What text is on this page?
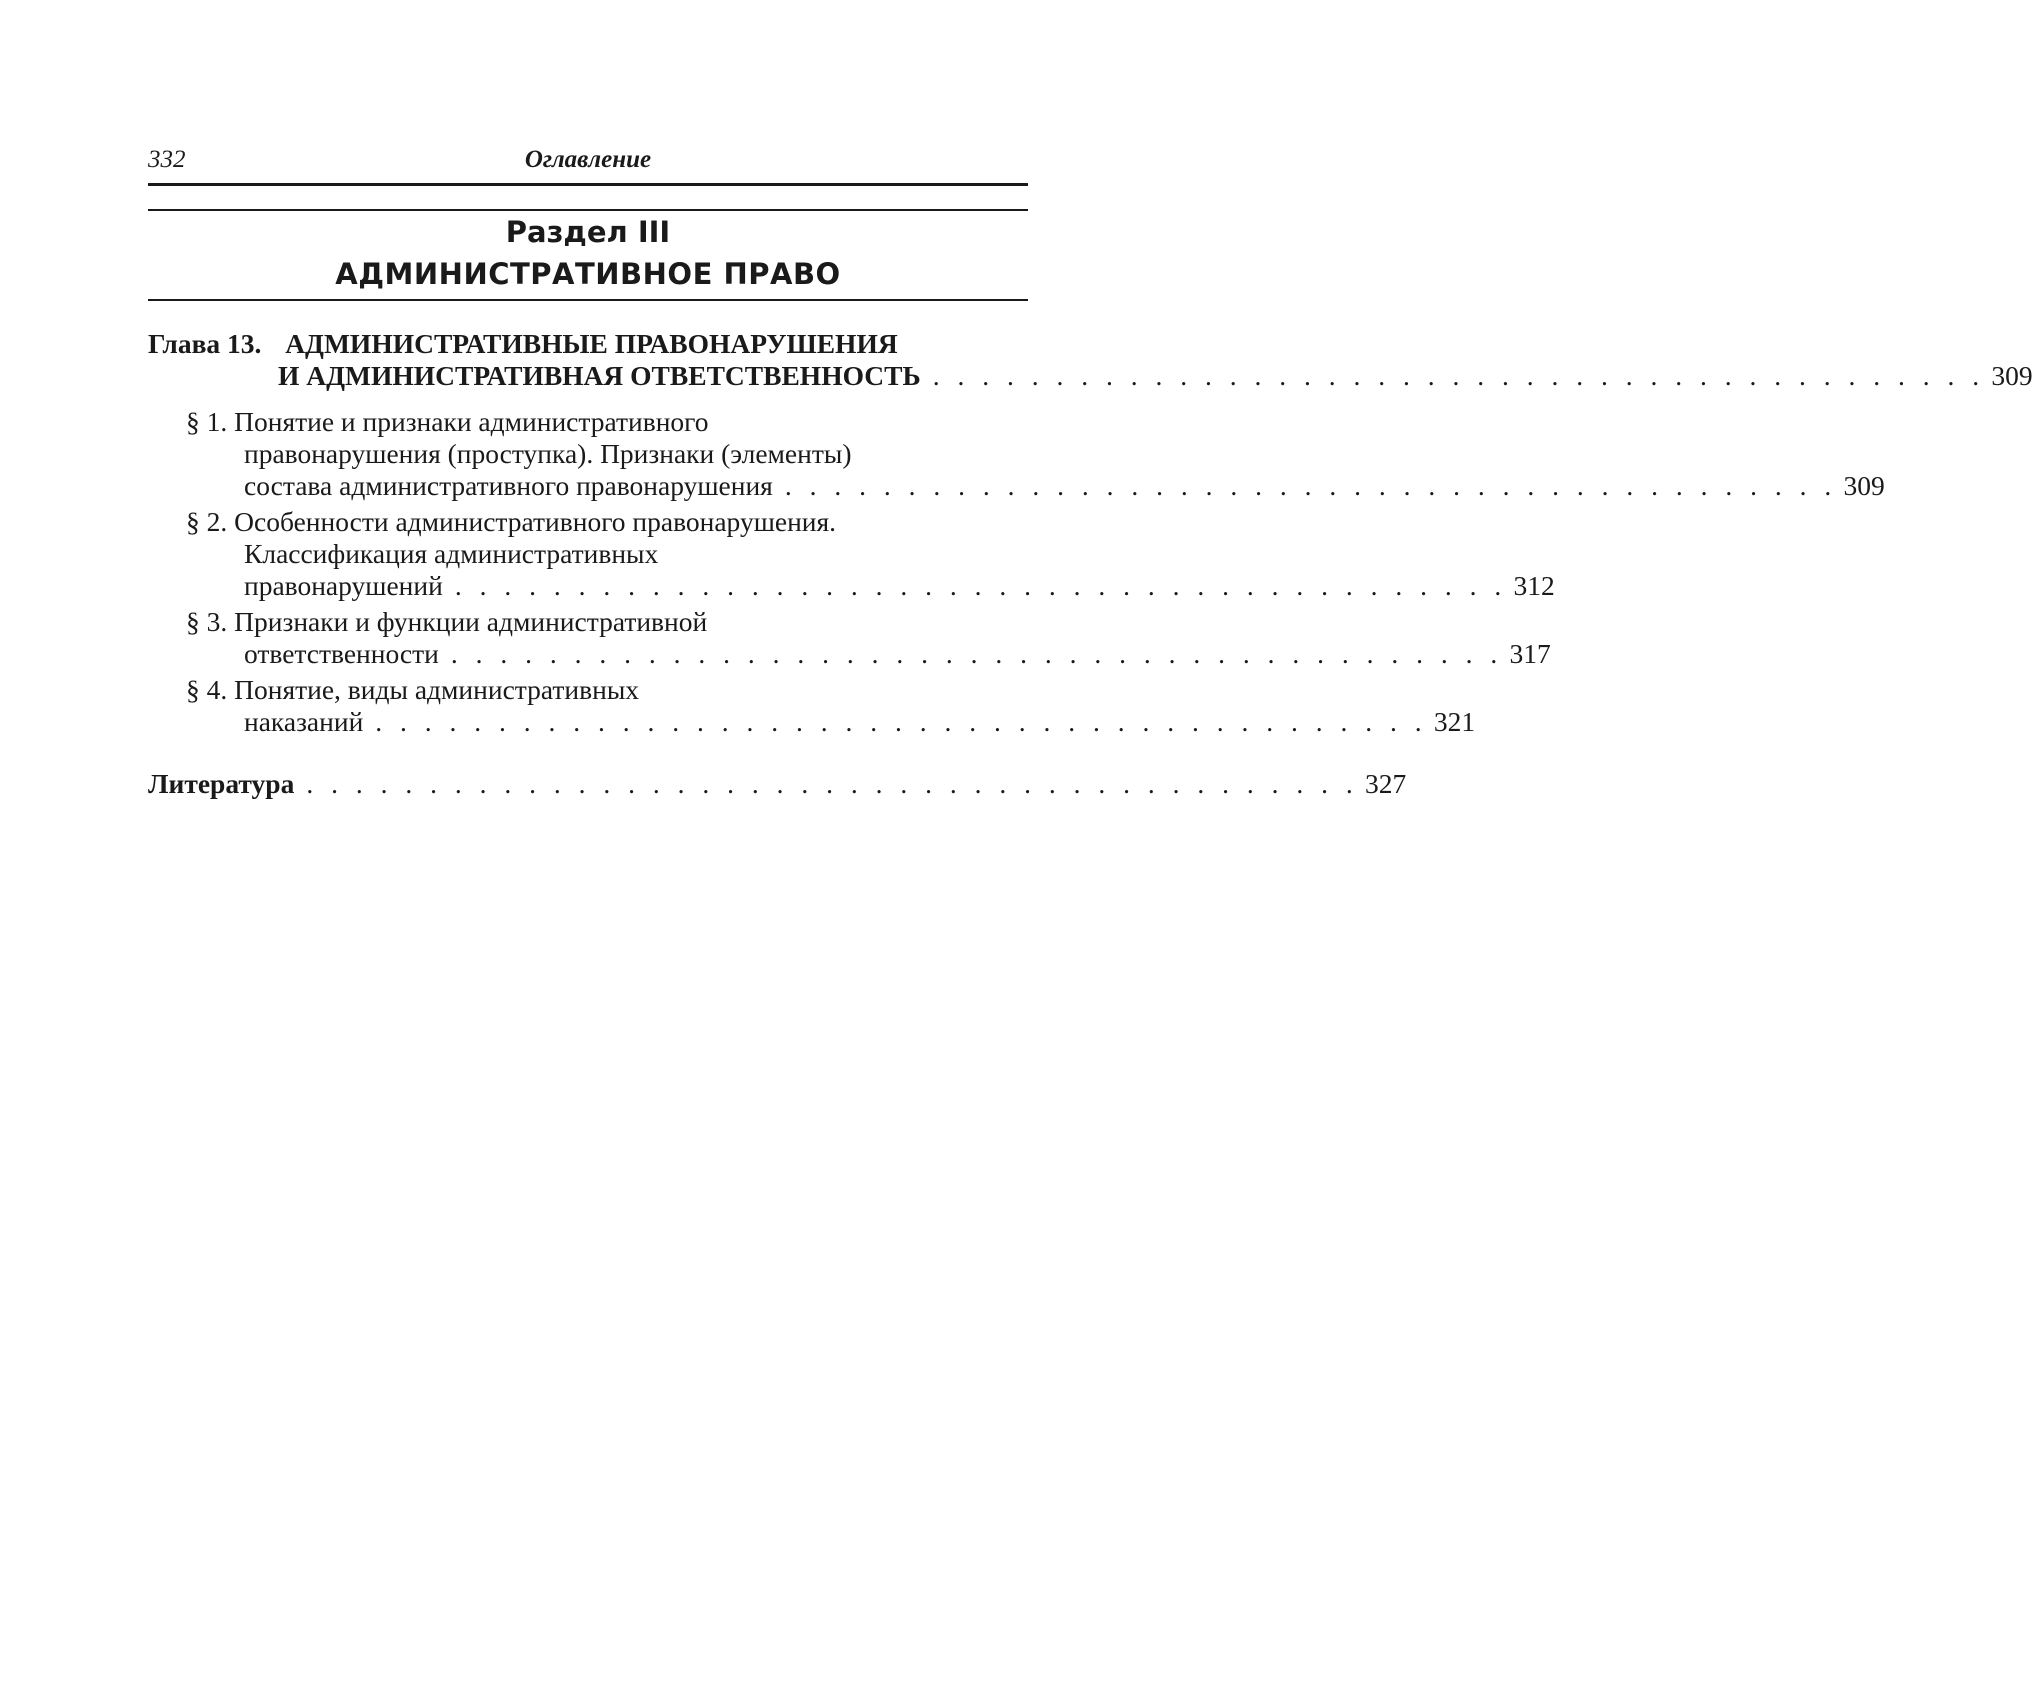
332	Оглавление

Раздел III

АДМИНИСТРАТИВНОЕ ПРАВО

Глава 13. АДМИНИСТРАТИВНЫЕ ПРАВОНАРУШЕНИЯ
И АДМИНИСТРАТИВНАЯ ОТВЕТСТВЕННОСТЬ . . . . . . . . . . . . . . . . . . . . . . . . . . . . . . . . . . . . . . . . . . . 309
§ 1. Понятие и признаки административного
правонарушения (проступка). Признаки (элементы)
состава административного правонарушения . . . . . . . . . . . . . . . . . . . . . . . . . . . . . . . . . . . . . . . . . . . 309
§ 2. Особенности административного правонарушения.
Классификация административных
правонарушений . . . . . . . . . . . . . . . . . . . . . . . . . . . . . . . . . . . . . . . . . . . 312
§ 3. Признаки и функции административной
ответственности . . . . . . . . . . . . . . . . . . . . . . . . . . . . . . . . . . . . . . . . . . . 317
§ 4. Понятие, виды административных
наказаний . . . . . . . . . . . . . . . . . . . . . . . . . . . . . . . . . . . . . . . . . . . 321
Литература . . . . . . . . . . . . . . . . . . . . . . . . . . . . . . . . . . . . . . . . . . . 327
